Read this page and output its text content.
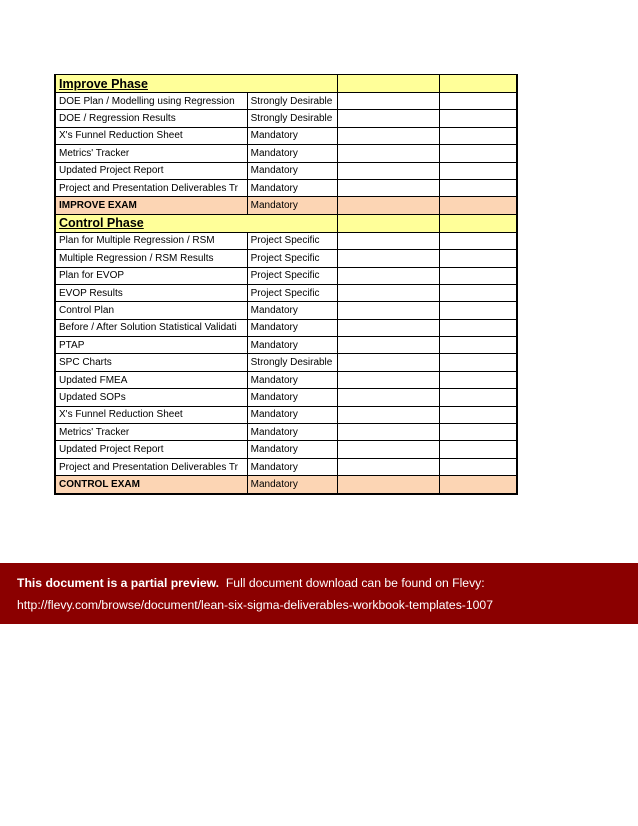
Improve Phase			
DOE Plan / Modelling using Regression	Strongly Desirable		
DOE / Regression Results	Strongly Desirable		
X's Funnel Reduction Sheet	Mandatory		
Metrics' Tracker	Mandatory		
Updated Project Report	Mandatory		
Project and Presentation Deliverables Tr	Mandatory		
IMPROVE EXAM	Mandatory		
Control Phase			
Plan for Multiple Regression / RSM	Project Specific		
Multiple Regression / RSM Results	Project Specific		
Plan for EVOP	Project Specific		
EVOP Results	Project Specific		
Control Plan	Mandatory		
Before / After Solution Statistical Validati	Mandatory		
PTAP	Mandatory		
SPC Charts	Strongly Desirable		
Updated FMEA	Mandatory		
Updated SOPs	Mandatory		
X's Funnel Reduction Sheet	Mandatory		
Metrics' Tracker	Mandatory		
Updated Project Report	Mandatory		
Project and Presentation Deliverables Tr	Mandatory		
CONTROL EXAM	Mandatory		
This document is a partial preview. Full document download can be found on Flevy:
http://flevy.com/browse/document/lean-six-sigma-deliverables-workbook-templates-1007
